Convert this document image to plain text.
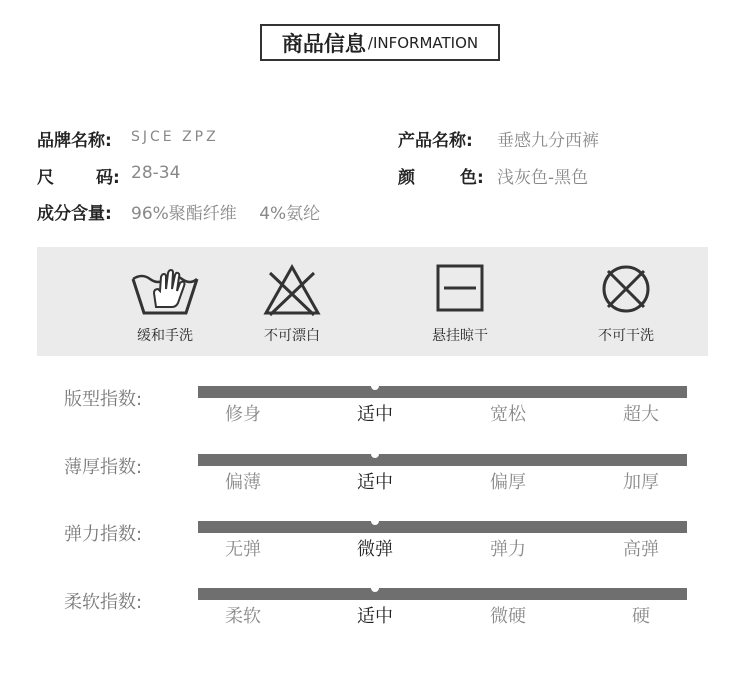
商品信息 /INFORMATION
品牌名称: SJCE ZPZ	产品名称: 垂感九分西裤
尺 码: 28-34	颜	色: 浅灰色-黑色
成分含量: 96%聚酯纤维　 4%氨纶
缓和手洗	不可漂白	悬挂晾干	不可干洗
版型指数:
修身	适中	宽松	超大
薄厚指数:
偏薄	适中	偏厚	加厚
弹力指数:
无弹	微弹	弹力	高弹
柔软指数:
柔软	适中	微硬	硬
